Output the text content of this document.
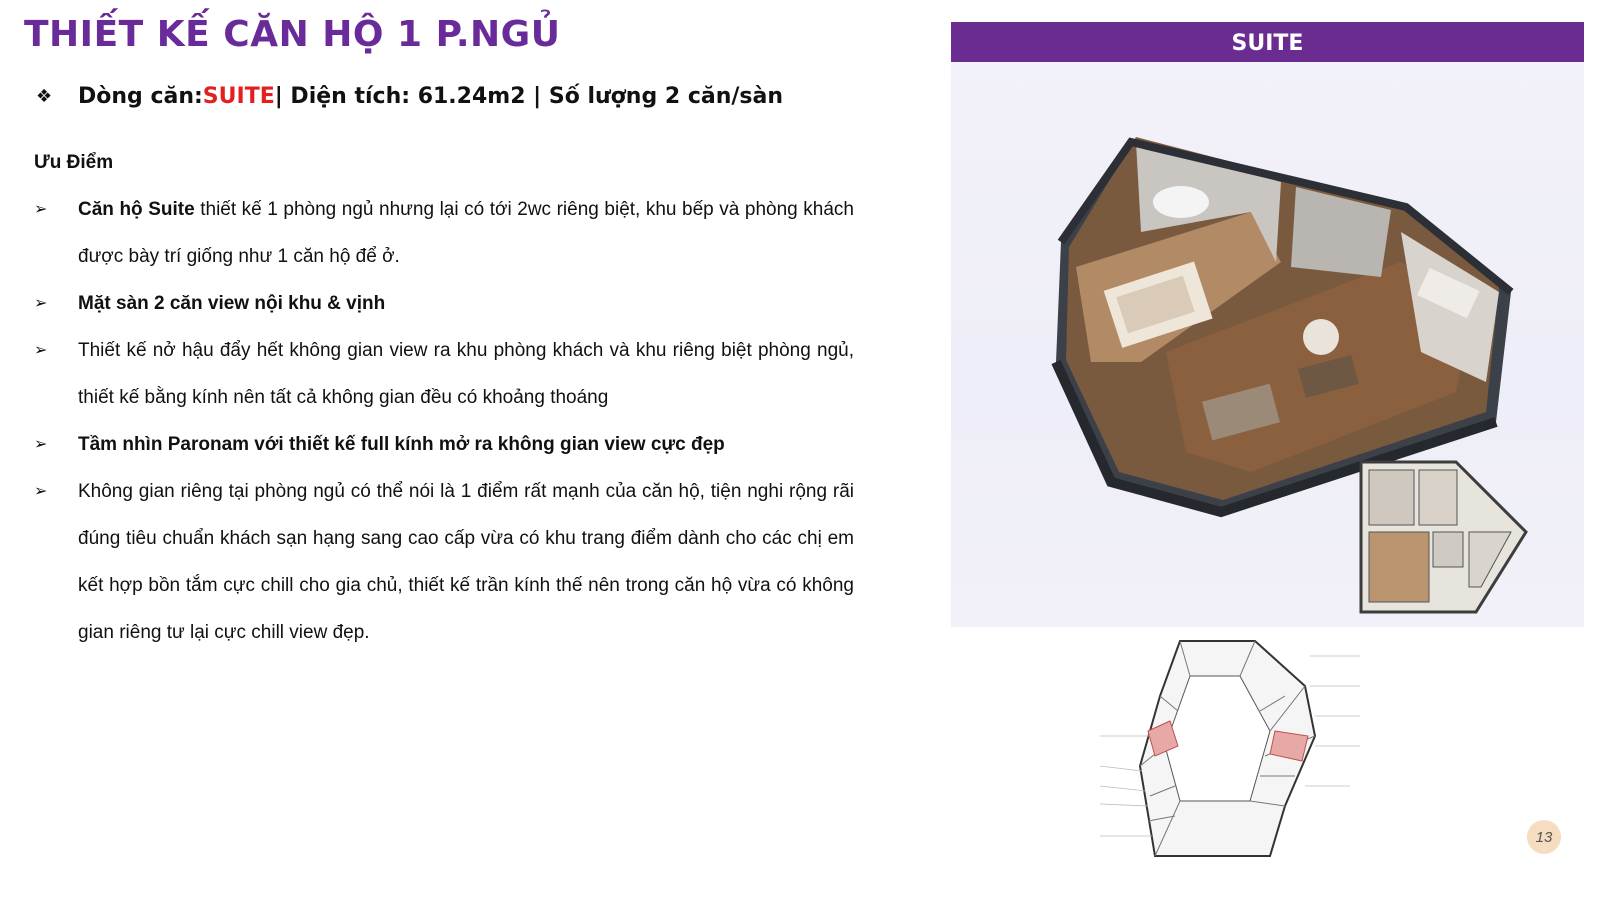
THIẾT KẾ CĂN HỘ 1 P.NGỦ
❖	Dòng căn: SUITE | Diện tích: 61.24m2 | Số lượng 2 căn/sàn
Ưu Điểm
➢ Căn hộ Suite thiết kế 1 phòng ngủ nhưng lại có tới 2wc riêng biệt, khu bếp và phòng khách được bày trí giống như 1 căn hộ để ở.
➢ Mặt sàn 2 căn view nội khu & vịnh
➢ Thiết kế nở hậu đẩy hết không gian view ra khu phòng khách và khu riêng biệt phòng ngủ, thiết kế bằng kính nên tất cả không gian đều có khoảng thoáng
➢ Tầm nhìn Paronam với thiết kế full kính mở ra không gian view cực đẹp
➢ Không gian riêng tại phòng ngủ có thể nói là 1 điểm rất mạnh của căn hộ, tiện nghi rộng rãi đúng tiêu chuẩn khách sạn hạng sang cao cấp vừa có khu trang điểm dành cho các chị em kết hợp bồn tắm cực chill cho gia chủ, thiết kế trần kính thế nên trong căn hộ vừa có không gian riêng tư lại cực chill view đẹp.
SUITE
13
